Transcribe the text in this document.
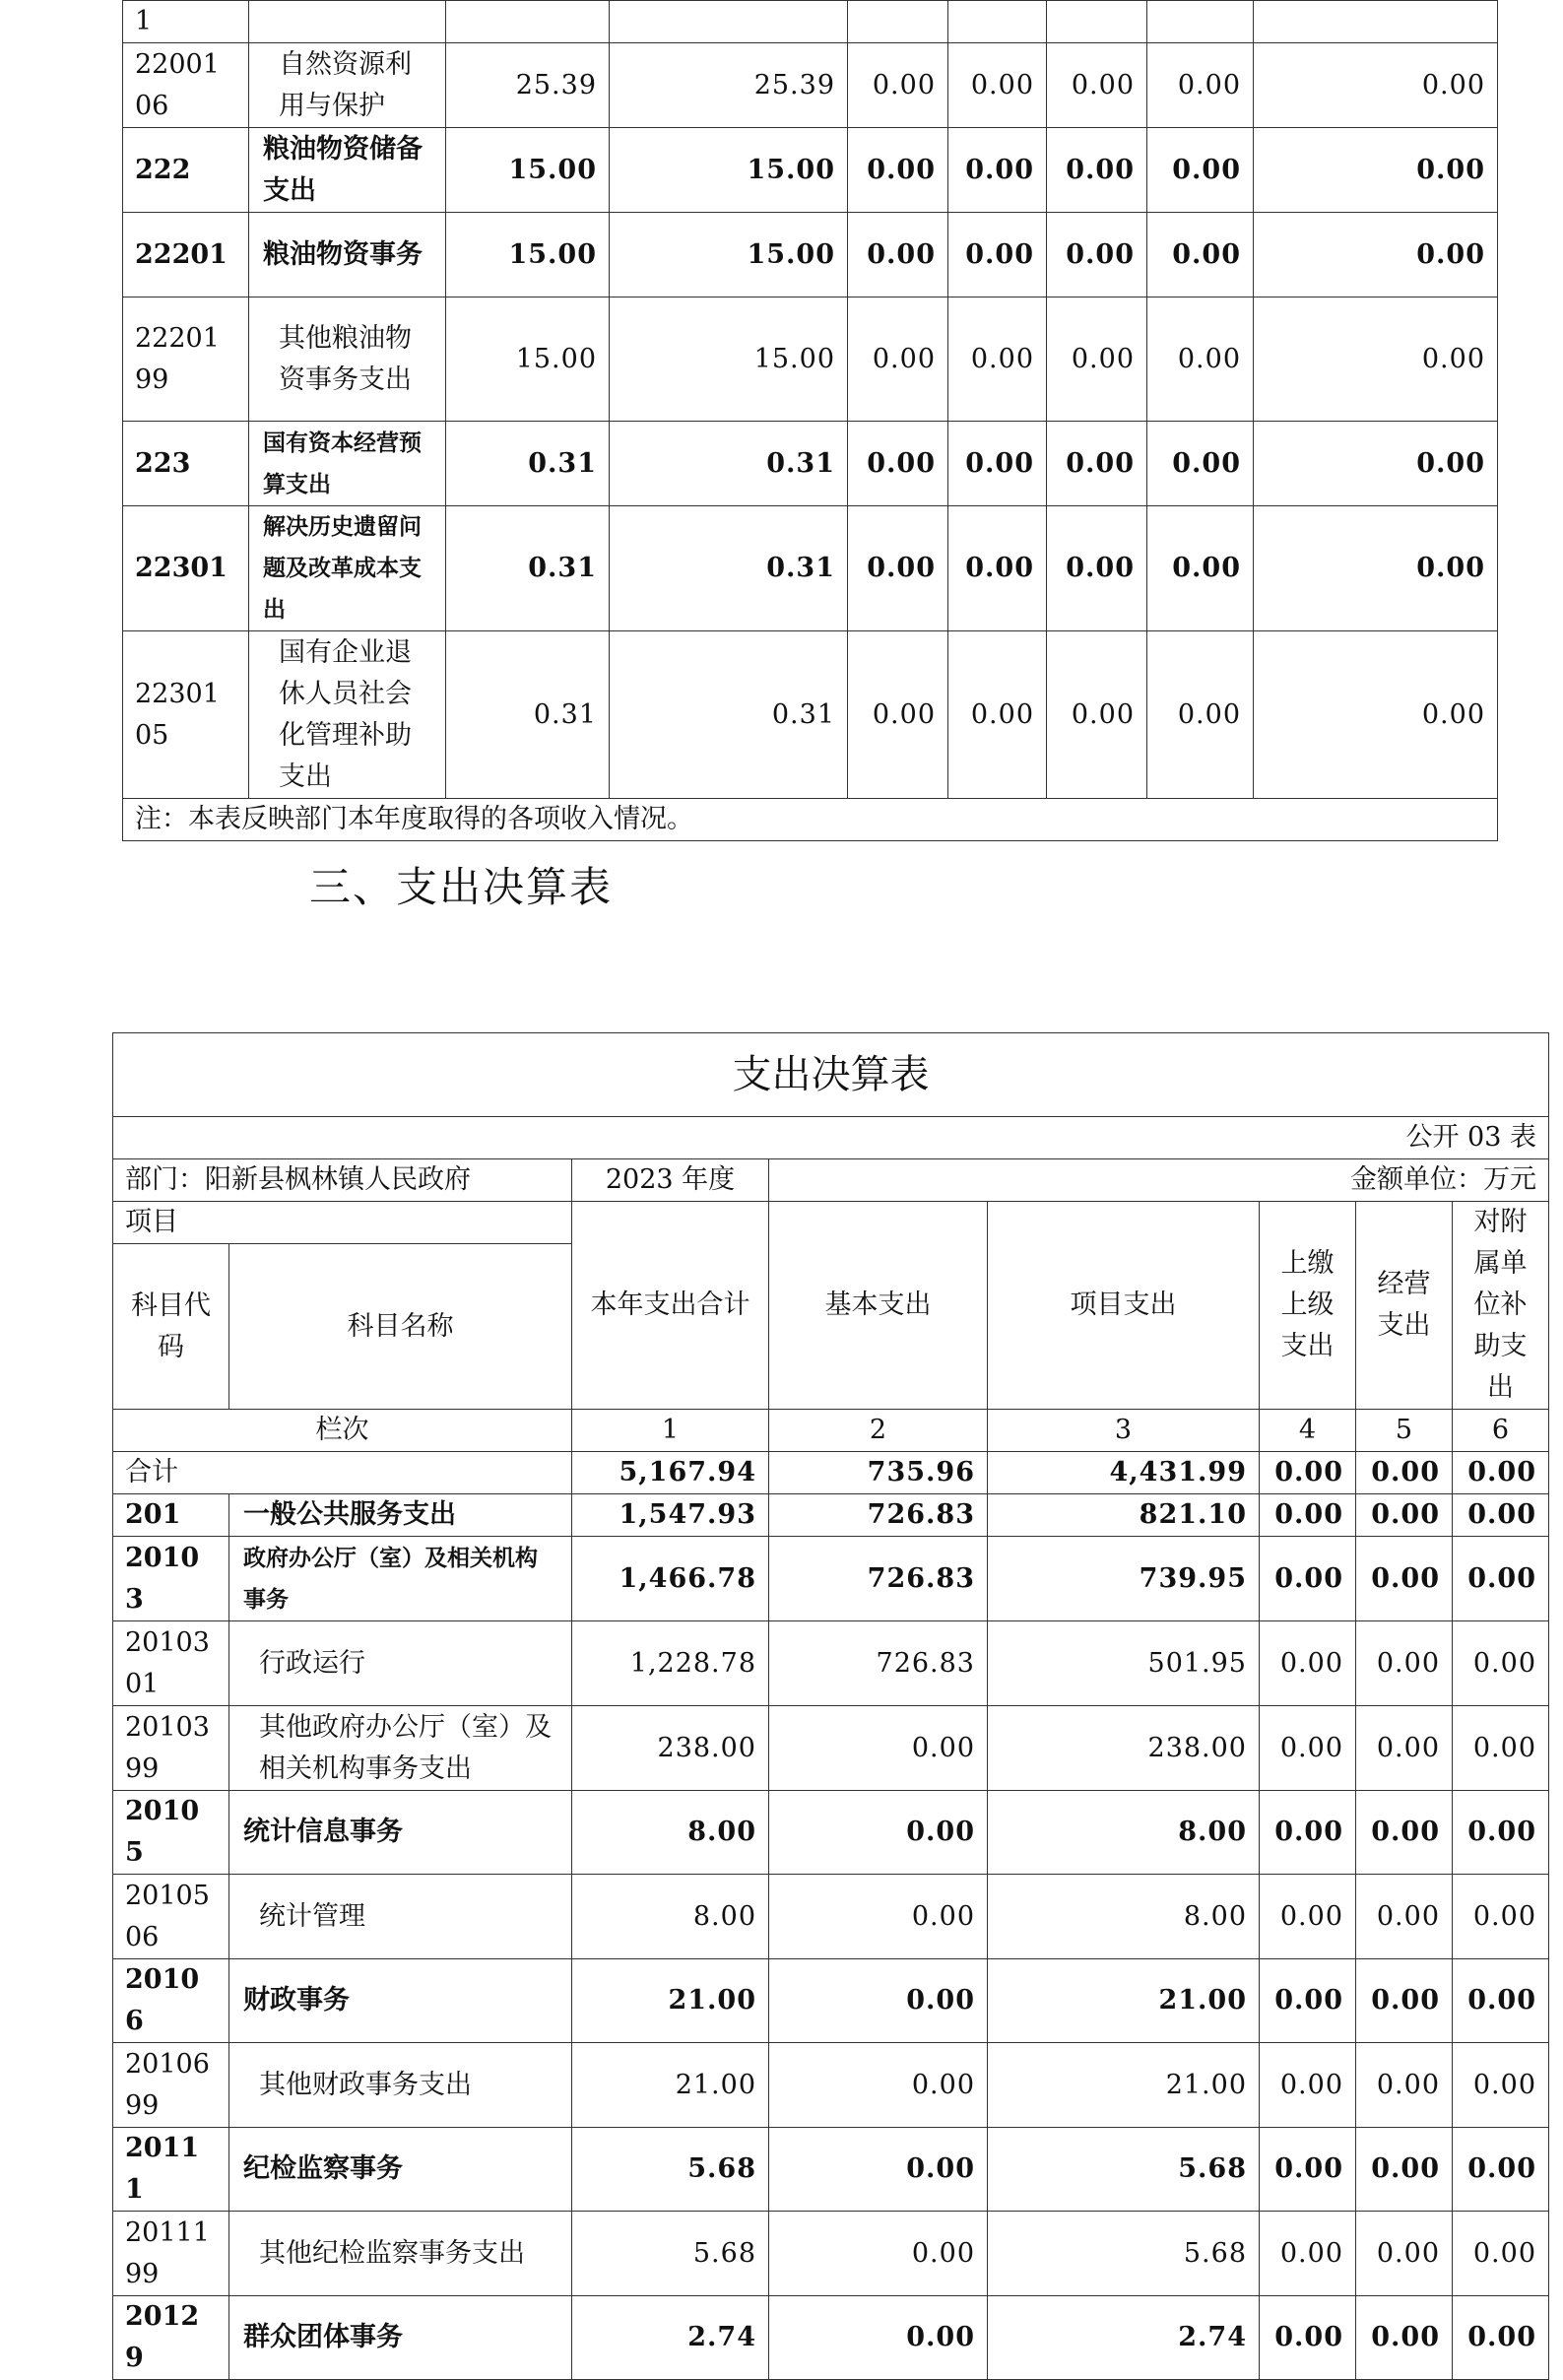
1								
2200106	自然资源利用与保护	25.39	25.39	0.00	0.00	0.00	0.00	0.00
222	粮油物资储备支出	15.00	15.00	0.00	0.00	0.00	0.00	0.00
22201	粮油物资事务	15.00	15.00	0.00	0.00	0.00	0.00	0.00
2220199	其他粮油物资事务支出	15.00	15.00	0.00	0.00	0.00	0.00	0.00
223	国有资本经营预算支出	0.31	0.31	0.00	0.00	0.00	0.00	0.00
22301	解决历史遗留问题及改革成本支出	0.31	0.31	0.00	0.00	0.00	0.00	0.00
2230105	国有企业退休人员社会化管理补助支出	0.31	0.31	0.00	0.00	0.00	0.00	0.00
注：本表反映部门本年度取得的各项收入情况。								
三、支出决算表
支出决算表							
公开 03 表							
部门：阳新县枫林镇人民政府		2023 年度	金额单位：万元				
项目		本年支出合计	基本支出	项目支出	上缴上级支出	经营支出	对附属单位补助支出
科目代码	科目名称						
栏次		1	2	3	4	5	6
合计		5,167.94	735.96	4,431.99	0.00	0.00	0.00
201	一般公共服务支出	1,547.93	726.83	821.10	0.00	0.00	0.00
20103	政府办公厅（室）及相关机构事务	1,466.78	726.83	739.95	0.00	0.00	0.00
2010301	行政运行	1,228.78	726.83	501.95	0.00	0.00	0.00
2010399	其他政府办公厅（室）及相关机构事务支出	238.00	0.00	238.00	0.00	0.00	0.00
20105	统计信息事务	8.00	0.00	8.00	0.00	0.00	0.00
2010506	统计管理	8.00	0.00	8.00	0.00	0.00	0.00
20106	财政事务	21.00	0.00	21.00	0.00	0.00	0.00
2010699	其他财政事务支出	21.00	0.00	21.00	0.00	0.00	0.00
20111	纪检监察事务	5.68	0.00	5.68	0.00	0.00	0.00
2011199	其他纪检监察事务支出	5.68	0.00	5.68	0.00	0.00	0.00
20129	群众团体事务	2.74	0.00	2.74	0.00	0.00	0.00
